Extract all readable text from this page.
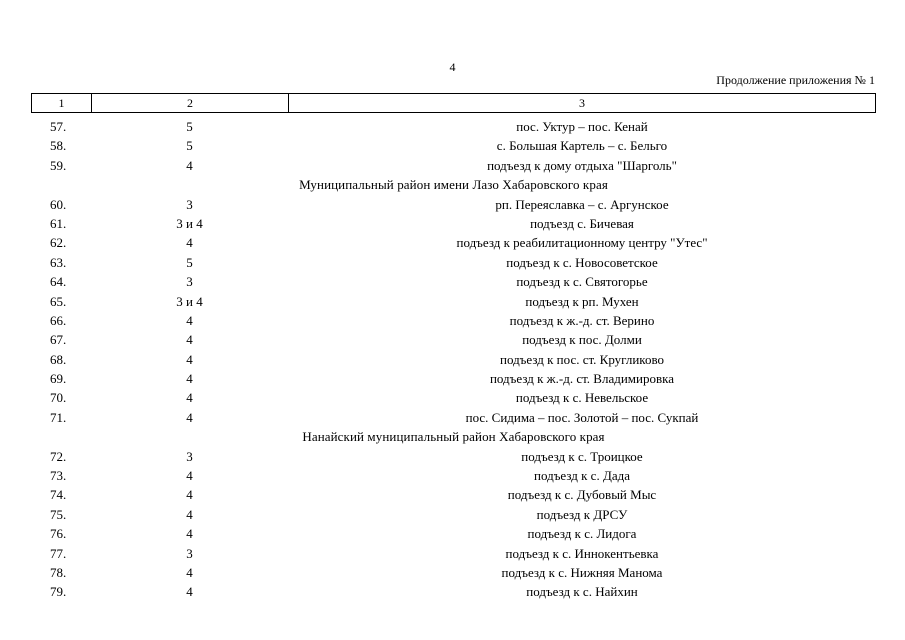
4
Продолжение приложения № 1
1	2	3
57.	5	пос. Уктур – пос. Кенай
58.	5	с. Большая Картель – с. Бельго
59.	4	подъезд к дому отдыха "Шарголь"
Муниципальный район имени Лазо Хабаровского края
60.	3	рп. Переяславка – с. Аргунское
61.	3 и 4	подъезд с. Бичевая
62.	4	подъезд к реабилитационному центру "Утес"
63.	5	подъезд к с. Новосоветское
64.	3	подъезд к с. Святогорье
65.	3 и 4	подъезд к рп. Мухен
66.	4	подъезд к ж.-д. ст. Верино
67.	4	подъезд к пос. Долми
68.	4	подъезд к пос. ст. Кругликово
69.	4	подъезд к ж.-д. ст. Владимировка
70.	4	подъезд к с. Невельское
71.	4	пос. Сидима – пос. Золотой – пос. Сукпай
Нанайский муниципальный район Хабаровского края
72.	3	подъезд к с. Троицкое
73.	4	подъезд к с. Дада
74.	4	подъезд к с. Дубовый Мыс
75.	4	подъезд к ДРСУ
76.	4	подъезд к с. Лидога
77.	3	подъезд к с. Иннокентьевка
78.	4	подъезд к с. Нижняя Манома
79.	4	подъезд к с. Найхин
